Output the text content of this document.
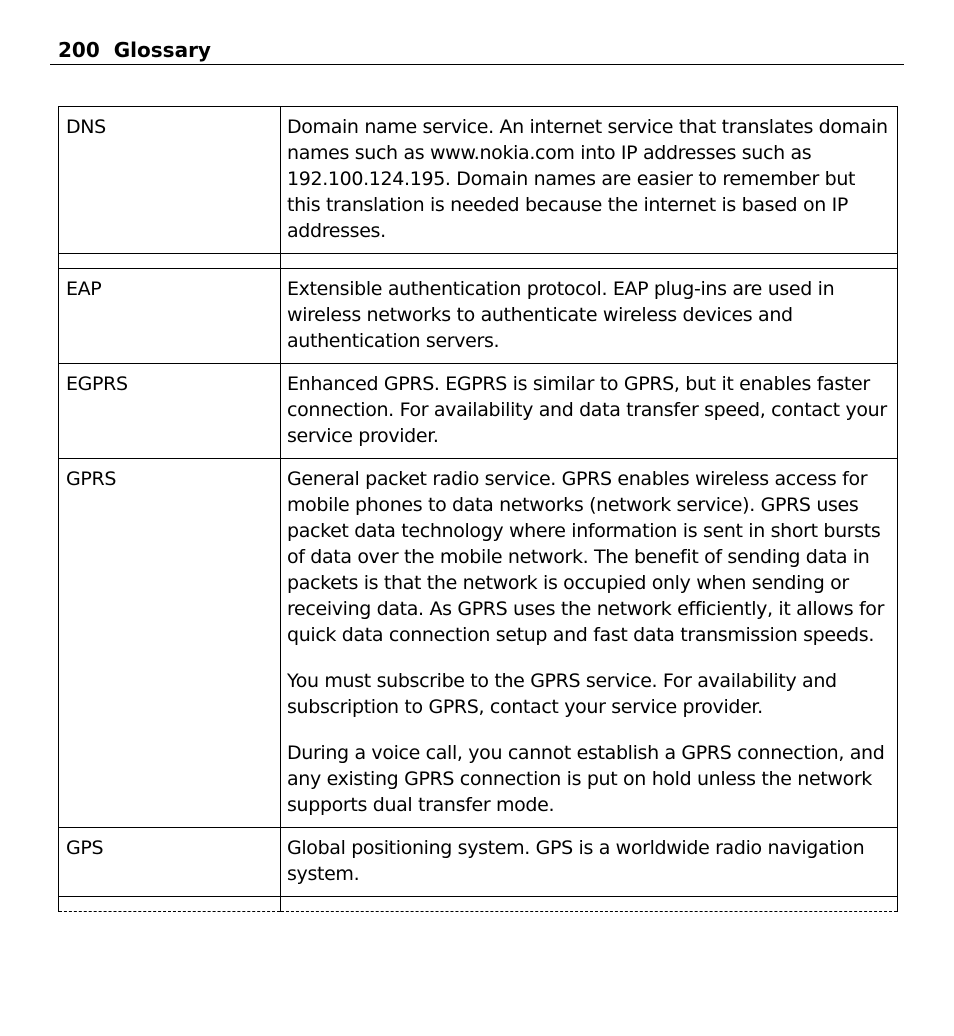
200 Glossary
DNS	Domain name service. An internet service that translates domain names such as www.nokia.com into IP addresses such as 192.100.124.195. Domain names are easier to remember but this translation is needed because the internet is based on IP addresses.

EAP	Extensible authentication protocol. EAP plug-ins are used in wireless networks to authenticate wireless devices and authentication servers.

EGPRS	Enhanced GPRS. EGPRS is similar to GPRS, but it enables faster connection. For availability and data transfer speed, contact your service provider.

GPRS	General packet radio service. GPRS enables wireless access for mobile phones to data networks (network service). GPRS uses packet data technology where information is sent in short bursts of data over the mobile network. The benefit of sending data in packets is that the network is occupied only when sending or receiving data. As GPRS uses the network efficiently, it allows for quick data connection setup and fast data transmission speeds.

You must subscribe to the GPRS service. For availability and subscription to GPRS, contact your service provider.

During a voice call, you cannot establish a GPRS connection, and any existing GPRS connection is put on hold unless the network supports dual transfer mode.

GPS	Global positioning system. GPS is a worldwide radio navigation system.
